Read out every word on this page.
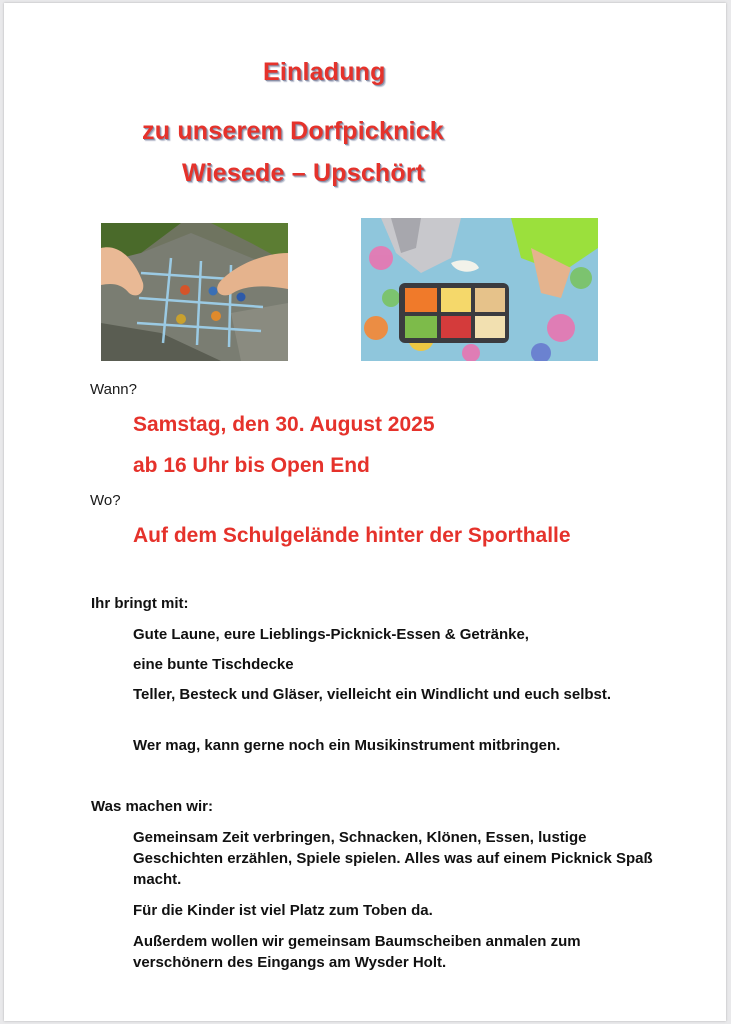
Einladung
zu unserem Dorfpicknick
Wiesede – Upschört
Wann?
Samstag, den 30. August 2025
ab 16 Uhr bis Open End
Wo?
Auf dem Schulgelände hinter der Sporthalle
Ihr bringt mit:
Gute Laune, eure Lieblings-Picknick-Essen & Getränke,
eine bunte Tischdecke
Teller, Besteck und Gläser, vielleicht ein Windlicht und euch selbst.
Wer mag, kann gerne noch ein Musikinstrument mitbringen.
Was machen wir:
Gemeinsam Zeit verbringen, Schnacken, Klönen, Essen, lustige Geschichten erzählen, Spiele spielen. Alles was auf einem Picknick Spaß macht.
Für die Kinder ist viel Platz zum Toben da.
Außerdem wollen wir gemeinsam Baumscheiben anmalen zum verschönern des Eingangs am Wysder Holt.
